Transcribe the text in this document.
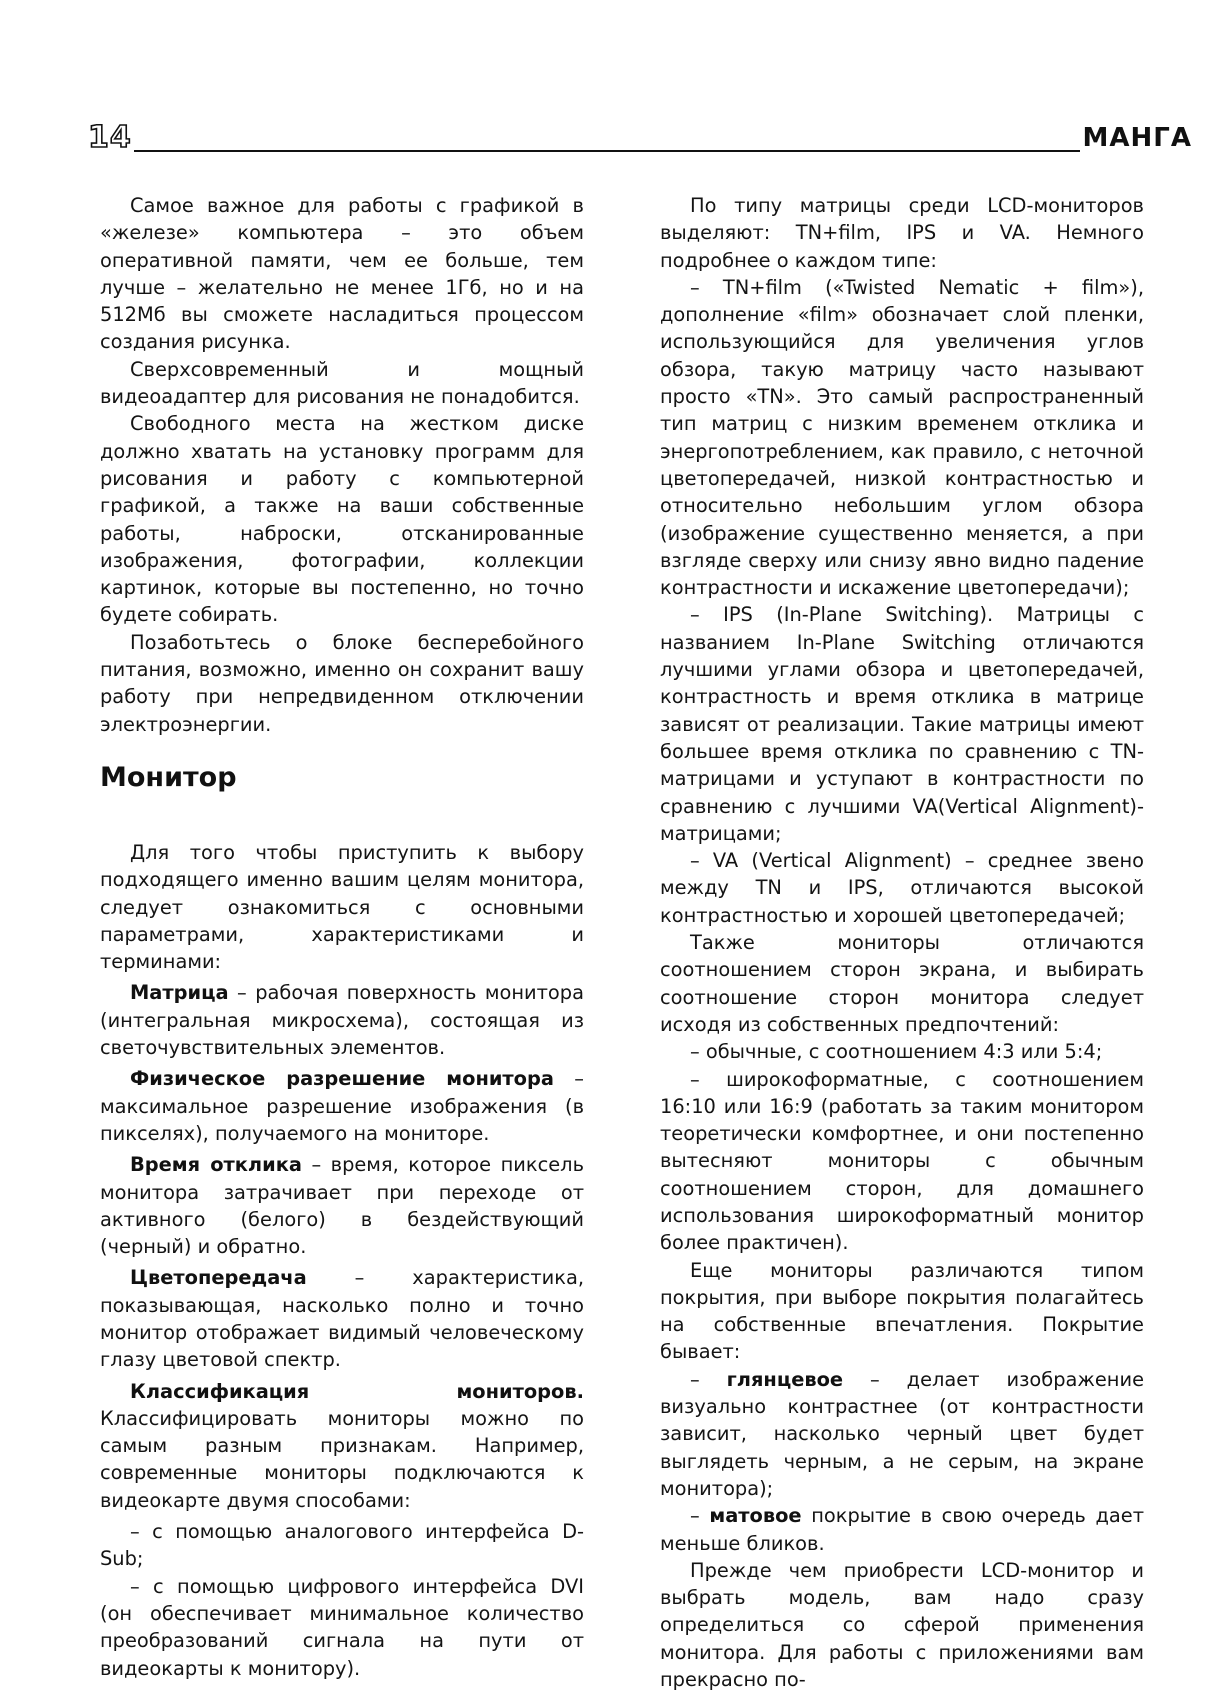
14	МАНГА

Самое важное для работы с графикой в «железе» компьютера – это объем оперативной памяти, чем ее больше, тем лучше – желательно не менее 1Гб, но и на 512Мб вы сможете насладиться процессом создания рисунка.

Сверхсовременный и мощный видеоадаптер для рисования не понадобится.

Свободного места на жестком диске должно хватать на установку программ для рисования и работу с компьютерной графикой, а также на ваши собственные работы, наброски, отсканированные изображения, фотографии, коллекции картинок, которые вы постепенно, но точно будете собирать.

Позаботьтесь о блоке бесперебойного питания, возможно, именно он сохранит вашу работу при непредвиденном отключении электроэнергии.

Монитор

Для того чтобы приступить к выбору подходящего именно вашим целям монитора, следует ознакомиться с основными параметрами, характеристиками и терминами:

Матрица – рабочая поверхность монитора (интегральная микросхема), состоящая из светочувствительных элементов.

Физическое разрешение монитора – максимальное разрешение изображения (в пикселях), получаемого на мониторе.

Время отклика – время, которое пиксель монитора затрачивает при переходе от активного (белого) в бездействующий (черный) и обратно.

Цветопередача – характеристика, показывающая, насколько полно и точно монитор отображает видимый человеческому глазу цветовой спектр.

Классификация мониторов. Классифицировать мониторы можно по самым разным признакам. Например, современные мониторы подключаются к видеокарте двумя способами:

– с помощью аналогового интерфейса D-Sub;

– с помощью цифрового интерфейса DVI (он обеспечивает минимальное количество преобразований сигнала на пути от видеокарты к монитору).

По типу матрицы среди LCD-мониторов выделяют: TN+film, IPS и VA. Немного подробнее о каждом типе:

– TN+film («Twisted Nematic + film»), дополнение «film» обозначает слой пленки, использующийся для увеличения углов обзора, такую матрицу часто называют просто «TN». Это самый распространенный тип матриц с низким временем отклика и энергопотреблением, как правило, с неточной цветопередачей, низкой контрастностью и относительно небольшим углом обзора (изображение существенно меняется, а при взгляде сверху или снизу явно видно падение контрастности и искажение цветопередачи);

– IPS (In-Plane Switching). Матрицы с названием In-Plane Switching отличаются лучшими углами обзора и цветопередачей, контрастность и время отклика в матрице зависят от реализации. Такие матрицы имеют большее время отклика по сравнению с TN-матрицами и уступают в контрастности по сравнению с лучшими VA(Vertical Alignment)-матрицами;

– VA (Vertical Alignment) – среднее звено между TN и IPS, отличаются высокой контрастностью и хорошей цветопередачей;

Также мониторы отличаются соотношением сторон экрана, и выбирать соотношение сторон монитора следует исходя из собственных предпочтений:

– обычные, с соотношением 4:3 или 5:4;

– широкоформатные, с соотношением 16:10 или 16:9 (работать за таким монитором теоретически комфортнее, и они постепенно вытесняют мониторы с обычным соотношением сторон, для домашнего использования широкоформатный монитор более практичен).

Еще мониторы различаются типом покрытия, при выборе покрытия полагайтесь на собственные впечатления. Покрытие бывает:

– глянцевое – делает изображение визуально контрастнее (от контрастности зависит, насколько черный цвет будет выглядеть черным, а не серым, на экране монитора);

– матовое покрытие в свою очередь дает меньше бликов.

Прежде чем приобрести LCD-монитор и выбрать модель, вам надо сразу определиться со сферой применения монитора. Для работы с приложениями вам прекрасно по-
